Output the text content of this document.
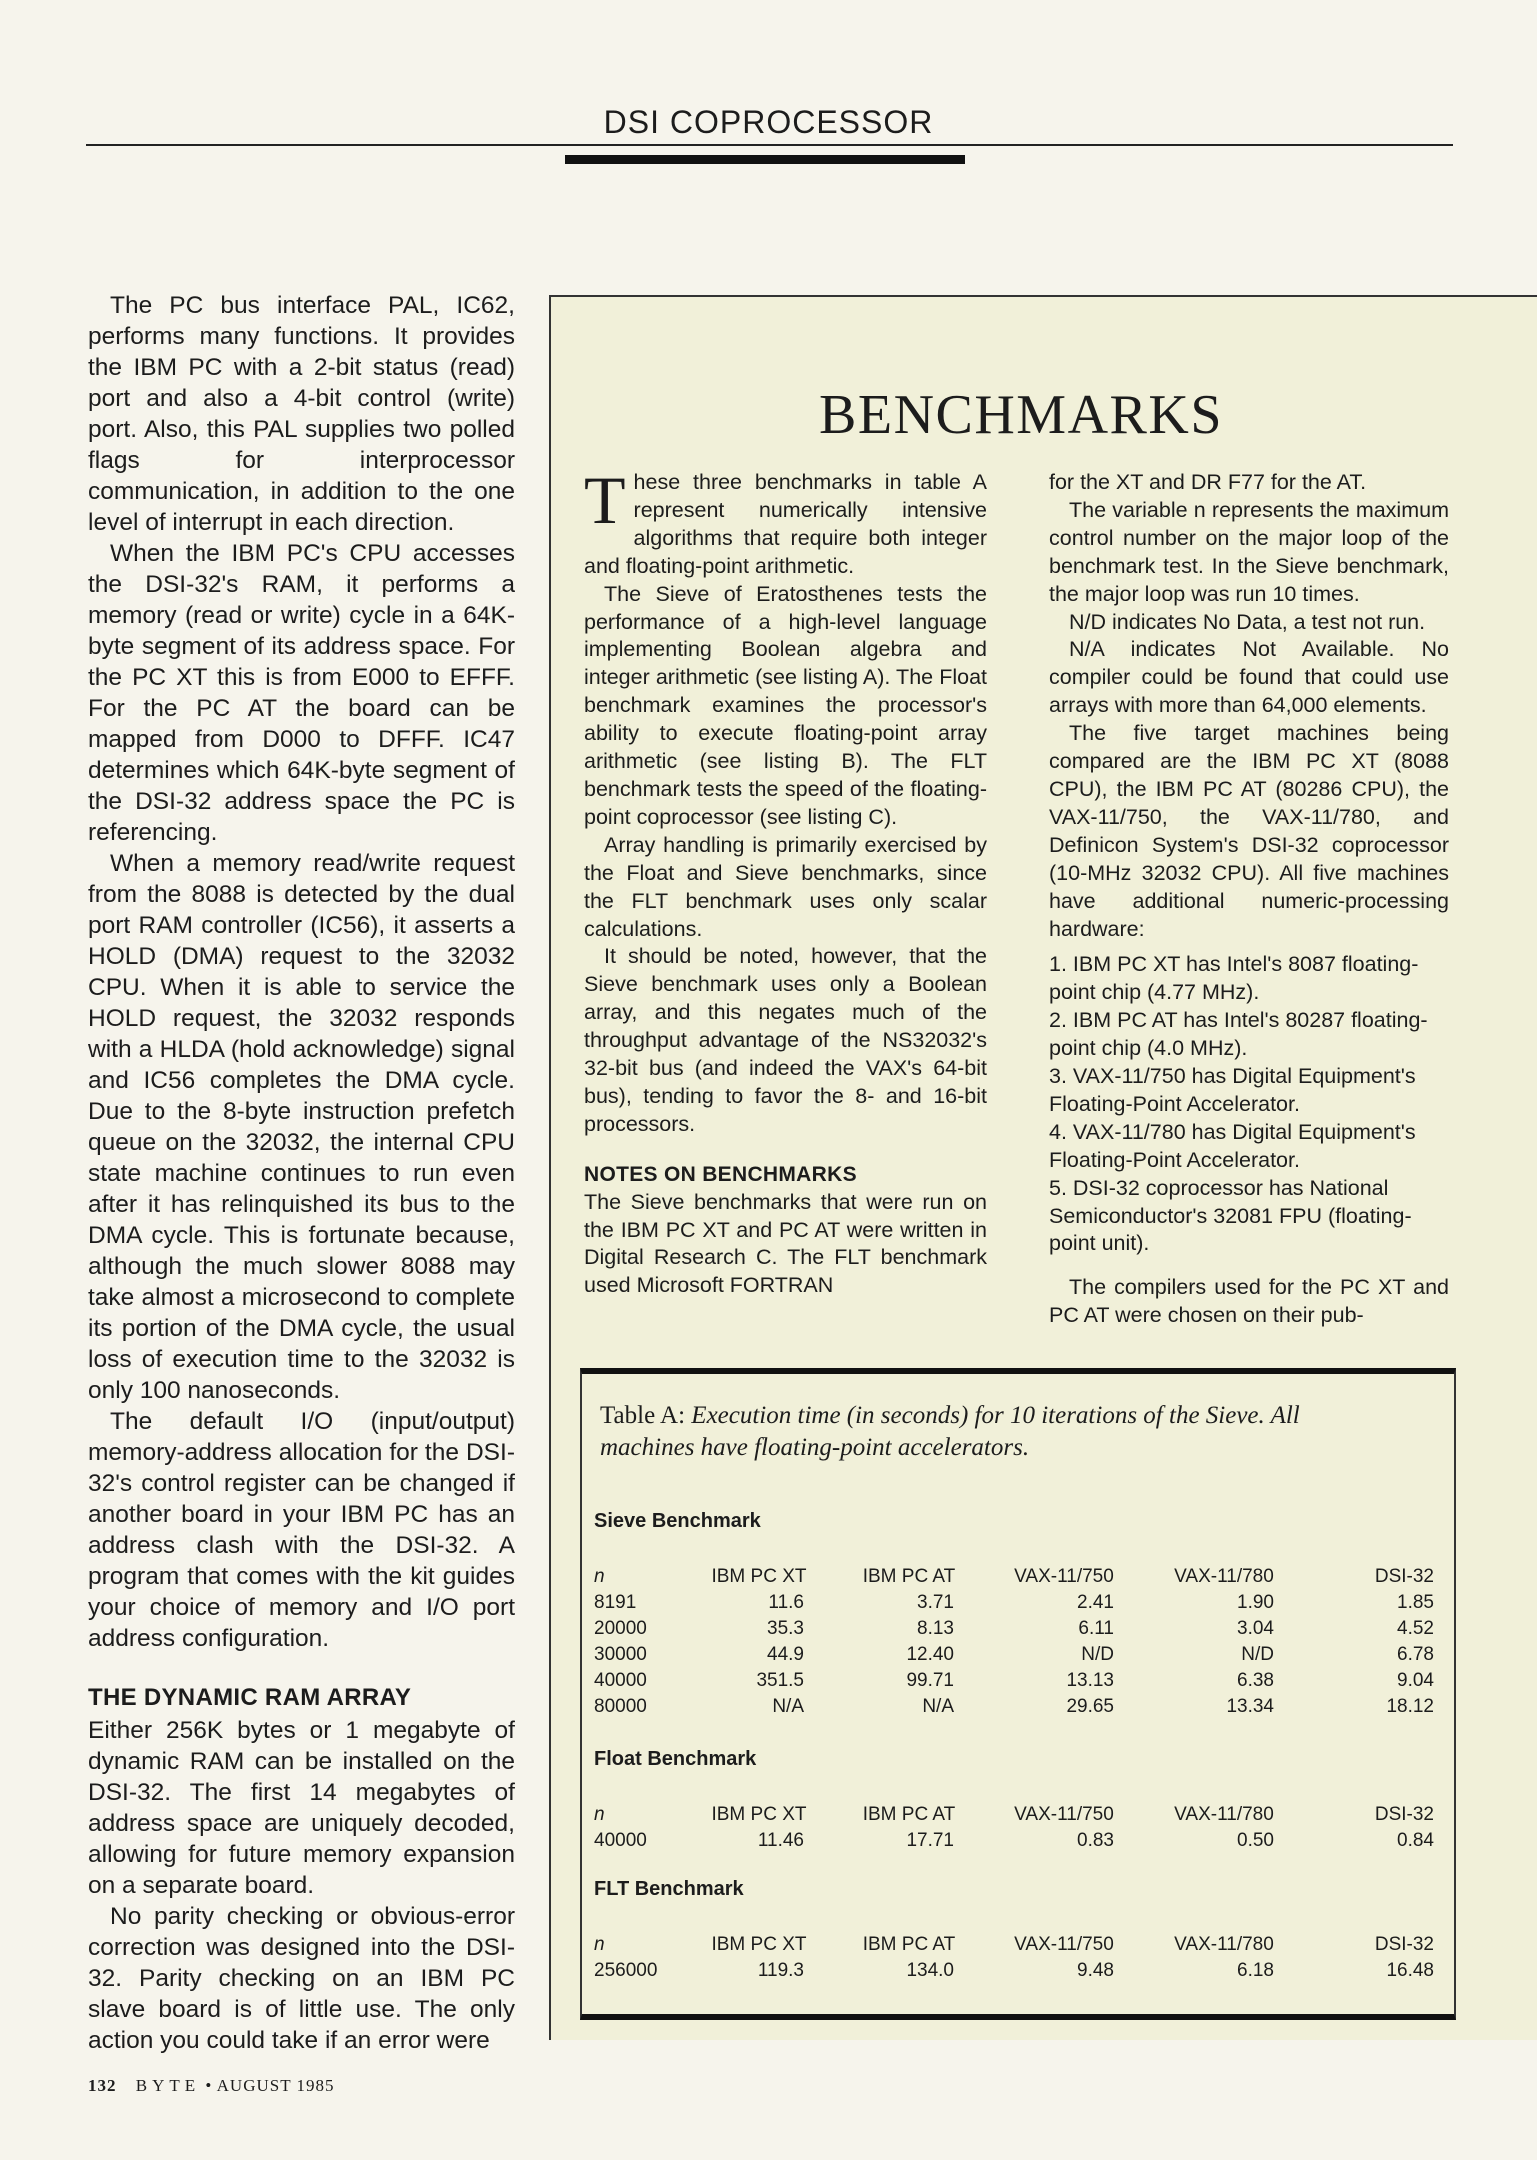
DSI COPROCESSOR

The PC bus interface PAL, IC62, performs many functions. It provides the IBM PC with a 2-bit status (read) port and also a 4-bit control (write) port. Also, this PAL supplies two polled flags for interprocessor communication, in addition to the one level of interrupt in each direction.

When the IBM PC's CPU accesses the DSI-32's RAM, it performs a memory (read or write) cycle in a 64K-byte segment of its address space. For the PC XT this is from E000 to EFFF. For the PC AT the board can be mapped from D000 to DFFF. IC47 determines which 64K-byte segment of the DSI-32 address space the PC is referencing.

When a memory read/write request from the 8088 is detected by the dual port RAM controller (IC56), it asserts a HOLD (DMA) request to the 32032 CPU. When it is able to service the HOLD request, the 32032 responds with a HLDA (hold acknowledge) signal and IC56 completes the DMA cycle. Due to the 8-byte instruction prefetch queue on the 32032, the internal CPU state machine continues to run even after it has relinquished its bus to the DMA cycle. This is fortunate because, although the much slower 8088 may take almost a microsecond to complete its portion of the DMA cycle, the usual loss of execution time to the 32032 is only 100 nanoseconds.

The default I/O (input/output) memory-address allocation for the DSI-32's control register can be changed if another board in your IBM PC has an address clash with the DSI-32. A program that comes with the kit guides your choice of memory and I/O port address configuration.

THE DYNAMIC RAM ARRAY

Either 256K bytes or 1 megabyte of dynamic RAM can be installed on the DSI-32. The first 14 megabytes of address space are uniquely decoded, allowing for future memory expansion on a separate board.

No parity checking or obvious-error correction was designed into the DSI-32. Parity checking on an IBM PC slave board is of little use. The only action you could take if an error were

BENCHMARKS

These three benchmarks in table A represent numerically intensive algorithms that require both integer and floating-point arithmetic.

The Sieve of Eratosthenes tests the performance of a high-level language implementing Boolean algebra and integer arithmetic (see listing A). The Float benchmark examines the processor's ability to execute floating-point array arithmetic (see listing B). The FLT benchmark tests the speed of the floating-point coprocessor (see listing C).

Array handling is primarily exercised by the Float and Sieve benchmarks, since the FLT benchmark uses only scalar calculations.

It should be noted, however, that the Sieve benchmark uses only a Boolean array, and this negates much of the throughput advantage of the NS32032's 32-bit bus (and indeed the VAX's 64-bit bus), tending to favor the 8- and 16-bit processors.

NOTES ON BENCHMARKS

The Sieve benchmarks that were run on the IBM PC XT and PC AT were written in Digital Research C. The FLT benchmark used Microsoft FORTRAN

for the XT and DR F77 for the AT.

The variable n represents the maximum control number on the major loop of the benchmark test. In the Sieve benchmark, the major loop was run 10 times.

N/D indicates No Data, a test not run.

N/A indicates Not Available. No compiler could be found that could use arrays with more than 64,000 elements.

The five target machines being compared are the IBM PC XT (8088 CPU), the IBM PC AT (80286 CPU), the VAX-11/750, the VAX-11/780, and Definicon System's DSI-32 coprocessor (10-MHz 32032 CPU). All five machines have additional numeric-processing hardware:

1. IBM PC XT has Intel's 8087 floating-point chip (4.77 MHz).
2. IBM PC AT has Intel's 80287 floating-point chip (4.0 MHz).
3. VAX-11/750 has Digital Equipment's Floating-Point Accelerator.
4. VAX-11/780 has Digital Equipment's Floating-Point Accelerator.
5. DSI-32 coprocessor has National Semiconductor's 32081 FPU (floating-point unit).

The compilers used for the PC XT and PC AT were chosen on their pub-

Table A: Execution time (in seconds) for 10 iterations of the Sieve. All machines have floating-point accelerators.
Sieve Benchmark
n	IBM PC XT	IBM PC AT	VAX-11/750	VAX-11/780	DSI-32
8191	11.6	3.71	2.41	1.90	1.85
20000	35.3	8.13	6.11	3.04	4.52
30000	44.9	12.40	N/D	N/D	6.78
40000	351.5	99.71	13.13	6.38	9.04
80000	N/A	N/A	29.65	13.34	18.12
Float Benchmark
n	IBM PC XT	IBM PC AT	VAX-11/750	VAX-11/780	DSI-32
40000	11.46	17.71	0.83	0.50	0.84
FLT Benchmark
n	IBM PC XT	IBM PC AT	VAX-11/750	VAX-11/780	DSI-32
256000	119.3	134.0	9.48	6.18	16.48
132 BYTE • AUGUST 1985
